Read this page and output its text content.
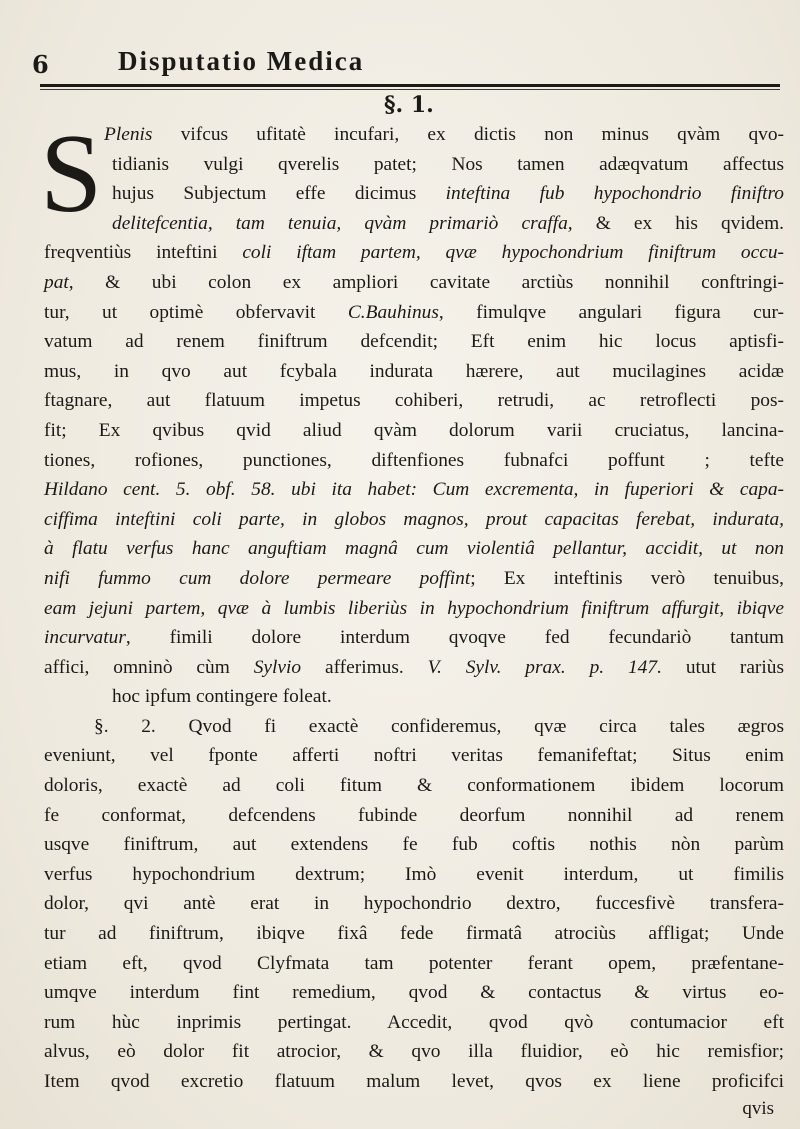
6	Disputatio Medica
§. 1.
S Plenis vifcus ufitatè incufari, ex dictis non minus qvàm qvo-
tidianis vulgi qverelis patet; Nos tamen adæqvatum affectus
hujus Subjectum effe dicimus inteftina fub hypochondrio finiftro
delitefcentia, tam tenuia, qvàm primariò craffa, & ex his qvidem.
freqventiùs inteftini coli iftam partem, qvæ hypochondrium finiftrum occu-
pat, & ubi colon ex ampliori cavitate arctiùs nonnihil conftringi-
tur, ut optimè obfervavit C.Bauhinus, fimulqve angulari figura cur-
vatum ad renem finiftrum defcendit; Eft enim hic locus aptisfi-
mus, in qvo aut fcybala indurata hærere, aut mucilagines acidæ
ftagnare, aut flatuum impetus cohiberi, retrudi, ac retroflecti pos-
fit; Ex qvibus qvid aliud qvàm dolorum varii cruciatus, lancina-
tiones, rofiones, punctiones, diftenfiones fubnafci poffunt ; tefte
Hildano cent. 5. obf. 58. ubi ita habet: Cum excrementa, in fuperiori & capa-
ciffima inteftini coli parte, in globos magnos, prout capacitas ferebat, indurata,
à flatu verfus hanc anguftiam magnâ cum violentiâ pellantur, accidit, ut non
nifi fummo cum dolore permeare poffint; Ex inteftinis verò tenuibus,
eam jejuni partem, qvæ à lumbis liberiùs in hypochondrium finiftrum affurgit, ibiqve
incurvatur, fimili dolore interdum qvoqve fed fecundariò tantum
affici, omninò cùm Sylvio afferimus. V. Sylv. prax. p. 147. utut rariùs
hoc ipfum contingere foleat.
§. 2. Qvod fi exactè confideremus, qvæ circa tales ægros
eveniunt, vel fponte afferti noftri veritas femanifeftat; Situs enim
doloris, exactè ad coli fitum & conformationem ibidem locorum
fe conformat, defcendens fubinde deorfum nonnihil ad renem
usqve finiftrum, aut extendens fe fub coftis nothis nòn parùm
verfus hypochondrium dextrum; Imò evenit interdum, ut fimilis
dolor, qvi antè erat in hypochondrio dextro, fuccesfivè transfera-
tur ad finiftrum, ibiqve fixâ fede firmatâ atrociùs affligat; Unde
etiam eft, qvod Clyfmata tam potenter ferant opem, præfentane-
umqve interdum fint remedium, qvod & contactus & virtus eo-
rum hùc inprimis pertingat. Accedit, qvod qvò contumacior eft
alvus, eò dolor fit atrocior, & qvo illa fluidior, eò hic remisfior;
Item qvod excretio flatuum malum levet, qvos ex liene proficifci
qvis
